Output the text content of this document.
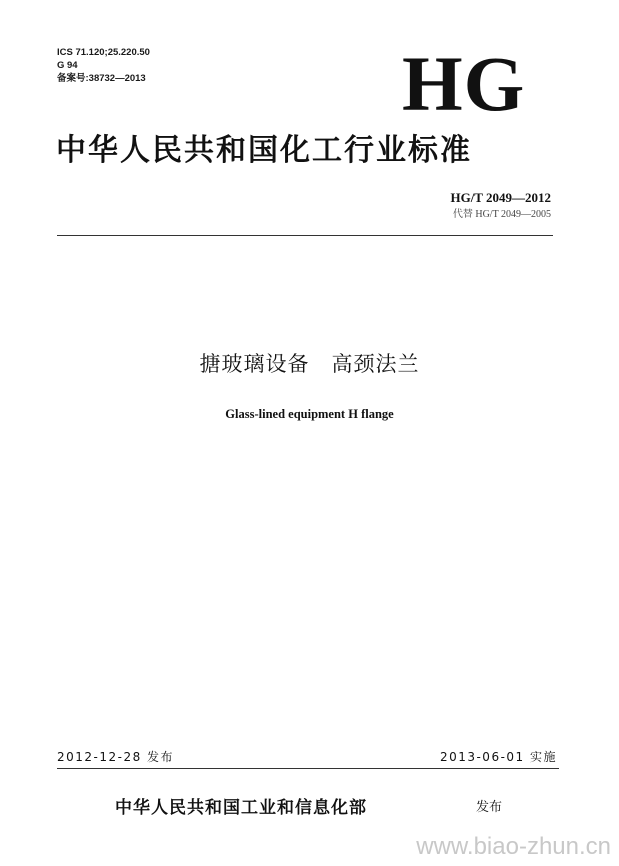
ICS 71.120;25.220.50
G 94
备案号:38732—2013	HG
中华人民共和国化工行业标准
HG/T 2049—2012
代替 HG/T 2049—2005
搪玻璃设备　高颈法兰
Glass-lined equipment H flange
2012-12-28 发布	2013-06-01 实施
中华人民共和国工业和信息化部	发布
www.biao-zhun.cn
